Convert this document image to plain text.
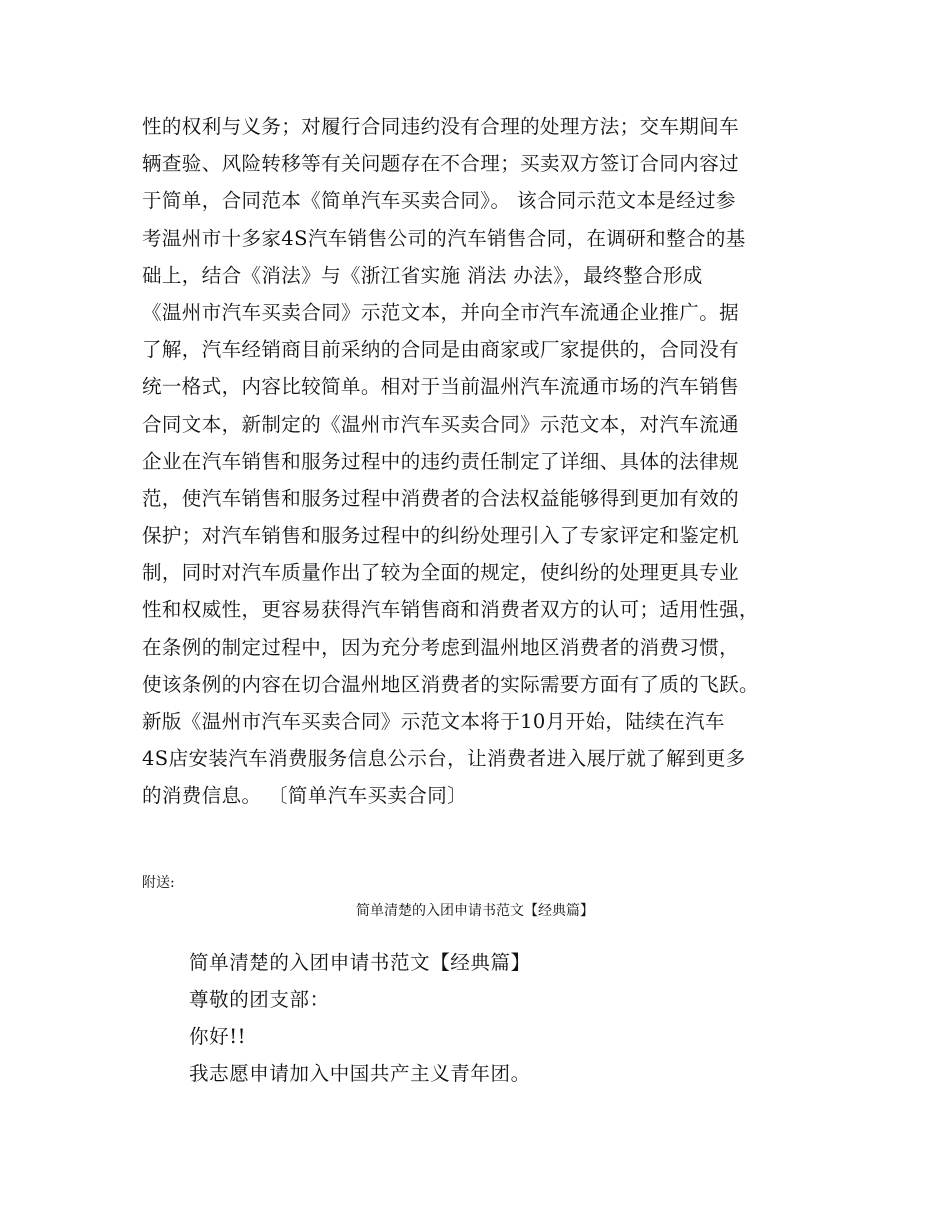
性的权利与义务；对履行合同违约没有合理的处理方法；交车期间车
辆查验、风险转移等有关问题存在不合理；买卖双方签订合同内容过
于简单，合同范本《简单汽车买卖合同》。 该合同示范文本是经过参
考温州市十多家4S汽车销售公司的汽车销售合同，在调研和整合的基
础上，结合《消法》与《浙江省实施 消法 办法》，最终整合形成
《温州市汽车买卖合同》示范文本，并向全市汽车流通企业推广。据
了解，汽车经销商目前采纳的合同是由商家或厂家提供的，合同没有
统一格式，内容比较简单。相对于当前温州汽车流通市场的汽车销售
合同文本，新制定的《温州市汽车买卖合同》示范文本，对汽车流通
企业在汽车销售和服务过程中的违约责任制定了详细、具体的法律规
范，使汽车销售和服务过程中消费者的合法权益能够得到更加有效的
保护；对汽车销售和服务过程中的纠纷处理引入了专家评定和鉴定机
制，同时对汽车质量作出了较为全面的规定，使纠纷的处理更具专业
性和权威性，更容易获得汽车销售商和消费者双方的认可；适用性强，
在条例的制定过程中，因为充分考虑到温州地区消费者的消费习惯，
使该条例的内容在切合温州地区消费者的实际需要方面有了质的飞跃。
新版《温州市汽车买卖合同》示范文本将于10月开始，陆续在汽车
4S店安装汽车消费服务信息公示台，让消费者进入展厅就了解到更多
的消费信息。 〔简单汽车买卖合同〕
附送:
简单清楚的入团申请书范文【经典篇】
简单清楚的入团申请书范文【经典篇】
尊敬的团支部：
你好!!
我志愿申请加入中国共产主义青年团。
